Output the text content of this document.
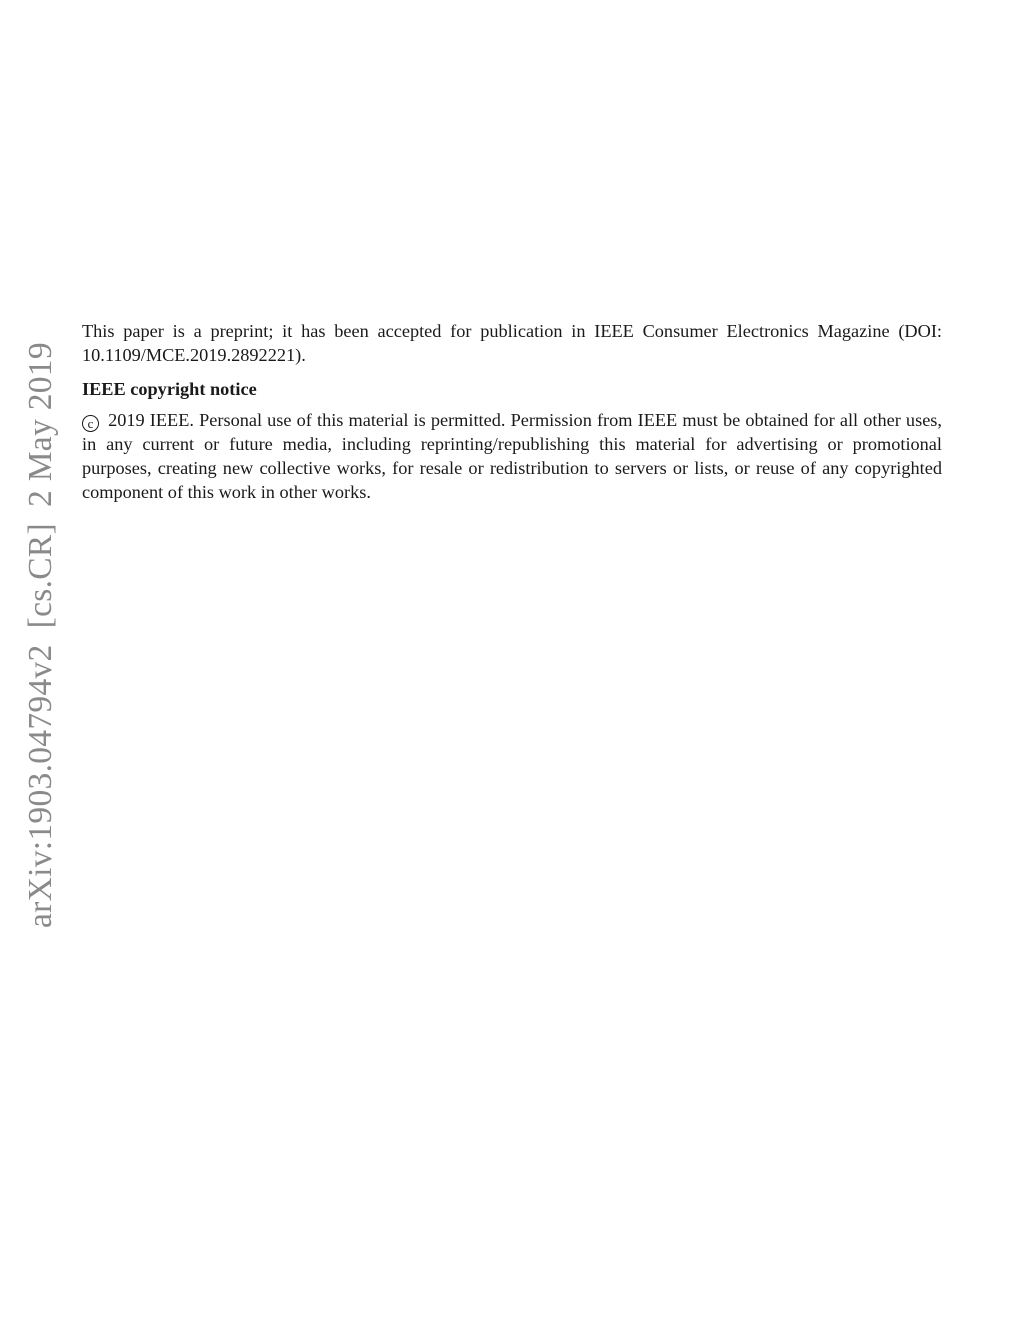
arXiv:1903.04794v2[cs.CR]2 May 2019

This paper is a preprint; it has been accepted for publication in IEEE Consumer Electronics Magazine (DOI: 10.1109/MCE.2019.2892221).

IEEE copyright notice

c 2019 IEEE. Personal use of this material is permitted. Permission from IEEE must be obtained for all other uses, in any current or future media, including reprinting/republishing this material for advertising or promotional purposes, creating new collective works, for resale or redistribution to servers or lists, or reuse of any copyrighted component of this work in other works.
